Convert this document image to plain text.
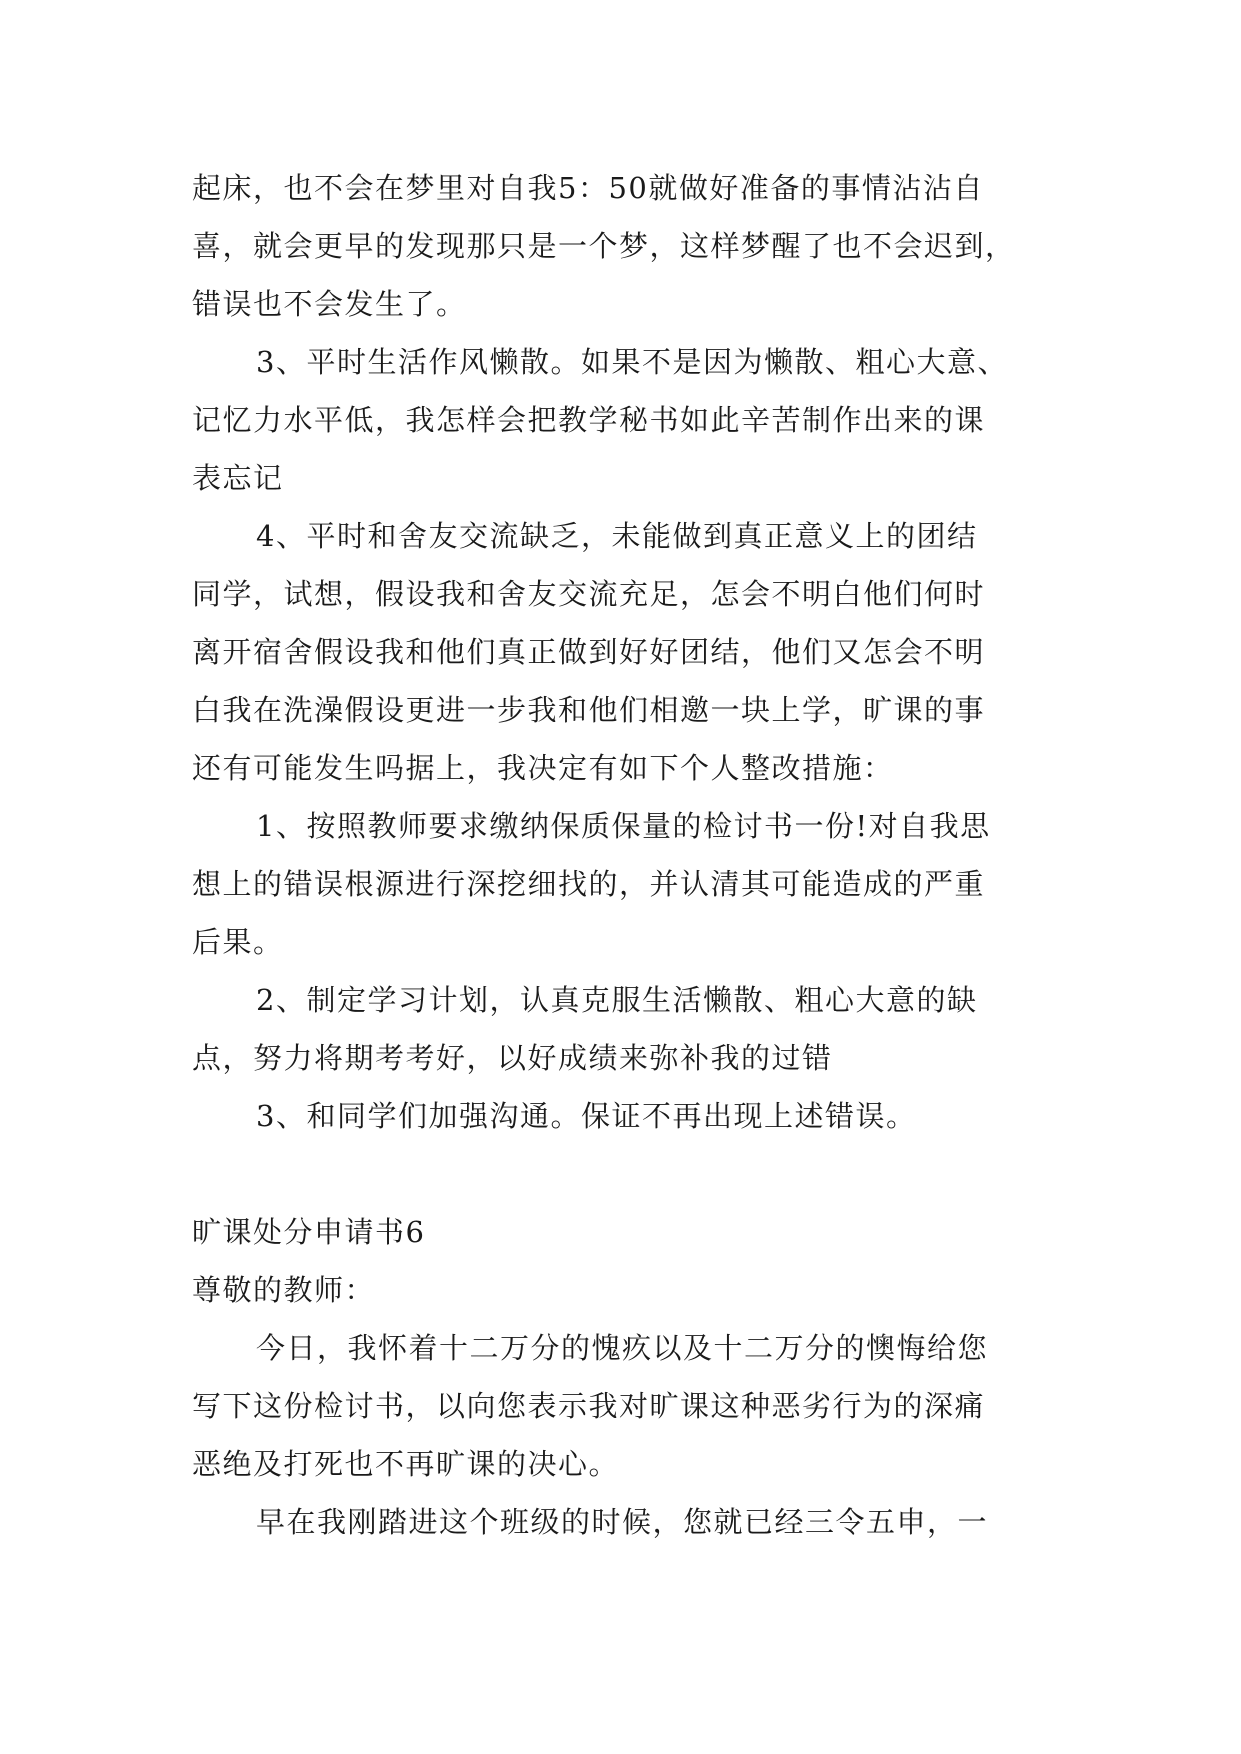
起床，也不会在梦里对自我5：50就做好准备的事情沾沾自
喜，就会更早的发现那只是一个梦，这样梦醒了也不会迟到，
错误也不会发生了。
3、平时生活作风懒散。如果不是因为懒散、粗心大意、
记忆力水平低，我怎样会把教学秘书如此辛苦制作出来的课
表忘记
4、平时和舍友交流缺乏，未能做到真正意义上的团结
同学，试想，假设我和舍友交流充足，怎会不明白他们何时
离开宿舍假设我和他们真正做到好好团结，他们又怎会不明
白我在洗澡假设更进一步我和他们相邀一块上学，旷课的事
还有可能发生吗据上，我决定有如下个人整改措施：
1、按照教师要求缴纳保质保量的检讨书一份!对自我思
想上的错误根源进行深挖细找的，并认清其可能造成的严重
后果。
2、制定学习计划，认真克服生活懒散、粗心大意的缺
点，努力将期考考好，以好成绩来弥补我的过错
3、和同学们加强沟通。保证不再出现上述错误。
旷课处分申请书6
尊敬的教师：
今日，我怀着十二万分的愧疚以及十二万分的懊悔给您
写下这份检讨书，以向您表示我对旷课这种恶劣行为的深痛
恶绝及打死也不再旷课的决心。
早在我刚踏进这个班级的时候，您就已经三令五申，一
